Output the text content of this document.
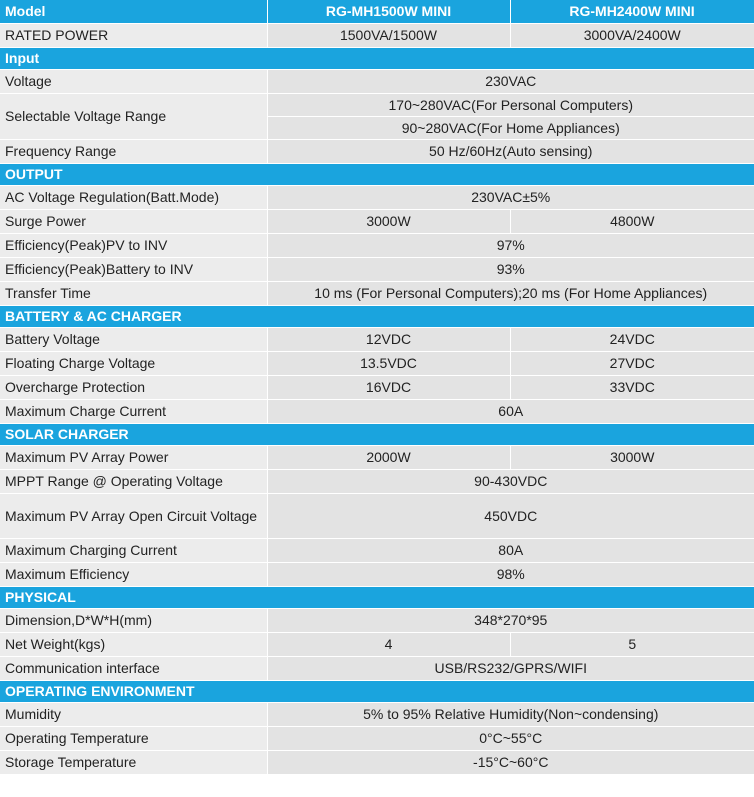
Model	RG-MH1500W MINI	RG-MH2400W MINI
RATED POWER	1500VA/1500W	3000VA/2400W
Input		
Voltage	230VAC	
Selectable Voltage Range	170~280VAC(For Personal Computers)	
	90~280VAC(For Home Appliances)	
Frequency Range	50 Hz/60Hz(Auto sensing)	
OUTPUT		
AC Voltage Regulation(Batt.Mode)	230VAC±5%	
Surge Power	3000W	4800W
Efficiency(Peak)PV to INV	97%	
Efficiency(Peak)Battery to INV	93%	
Transfer Time	10 ms (For Personal Computers);20 ms (For Home Appliances)	
BATTERY & AC CHARGER		
Battery Voltage	12VDC	24VDC
Floating Charge Voltage	13.5VDC	27VDC
Overcharge Protection	16VDC	33VDC
Maximum Charge Current	60A	
SOLAR CHARGER		
Maximum PV Array Power	2000W	3000W
MPPT Range @ Operating Voltage	90-430VDC	
Maximum PV Array Open Circuit Voltage	450VDC	
Maximum Charging Current	80A	
Maximum Efficiency	98%	
PHYSICAL		
Dimension,D*W*H(mm)	348*270*95	
Net Weight(kgs)	4	5
Communication interface	USB/RS232/GPRS/WIFI	
OPERATING ENVIRONMENT		
Mumidity	5% to 95% Relative Humidity(Non~condensing)	
Operating Temperature	0°C~55°C	
Storage Temperature	-15°C~60°C	
